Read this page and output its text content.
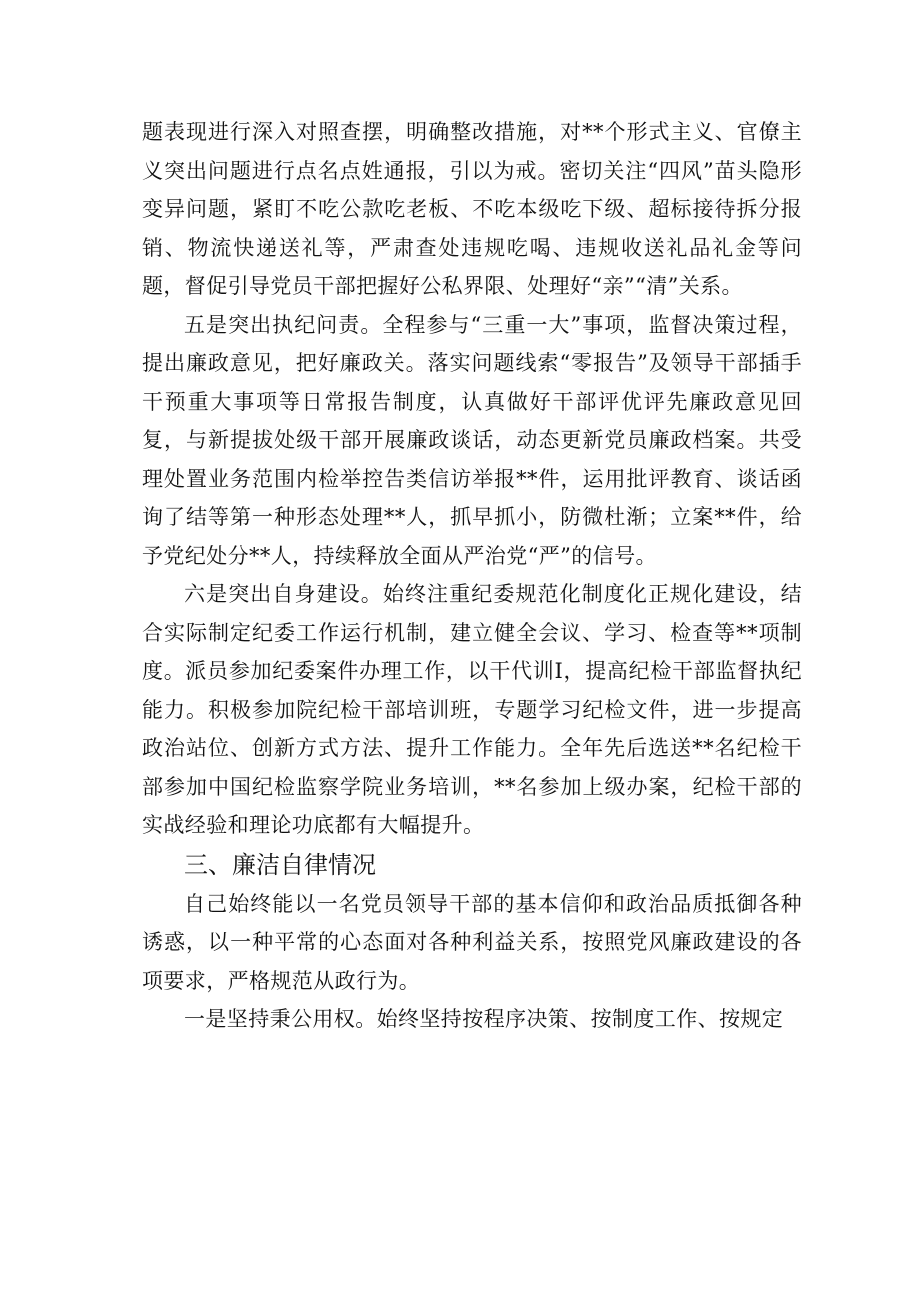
题表现进行深入对照查摆，明确整改措施，对**个形式主义、官僚主义突出问题进行点名点姓通报，引以为戒。密切关注“四风”苗头隐形变异问题，紧盯不吃公款吃老板、不吃本级吃下级、超标接待拆分报销、物流快递送礼等，严肃查处违规吃喝、违规收送礼品礼金等问题，督促引导党员干部把握好公私界限、处理好“亲”“清”关系。

五是突出执纪问责。全程参与“三重一大”事项，监督决策过程，提出廉政意见，把好廉政关。落实问题线索“零报告”及领导干部插手干预重大事项等日常报告制度，认真做好干部评优评先廉政意见回复，与新提拔处级干部开展廉政谈话，动态更新党员廉政档案。共受理处置业务范围内检举控告类信访举报**件，运用批评教育、谈话函询了结等第一种形态处理**人，抓早抓小，防微杜渐；立案**件，给予党纪处分**人，持续释放全面从严治党“严”的信号。

六是突出自身建设。始终注重纪委规范化制度化正规化建设，结合实际制定纪委工作运行机制，建立健全会议、学习、检查等**项制度。派员参加纪委案件办理工作，以干代训I，提高纪检干部监督执纪能力。积极参加院纪检干部培训班，专题学习纪检文件，进一步提高政治站位、创新方式方法、提升工作能力。全年先后选送**名纪检干部参加中国纪检监察学院业务培训，**名参加上级办案，纪检干部的实战经验和理论功底都有大幅提升。

三、廉洁自律情况

自己始终能以一名党员领导干部的基本信仰和政治品质抵御各种诱惑，以一种平常的心态面对各种利益关系，按照党风廉政建设的各项要求，严格规范从政行为。

一是坚持秉公用权。始终坚持按程序决策、按制度工作、按规定
